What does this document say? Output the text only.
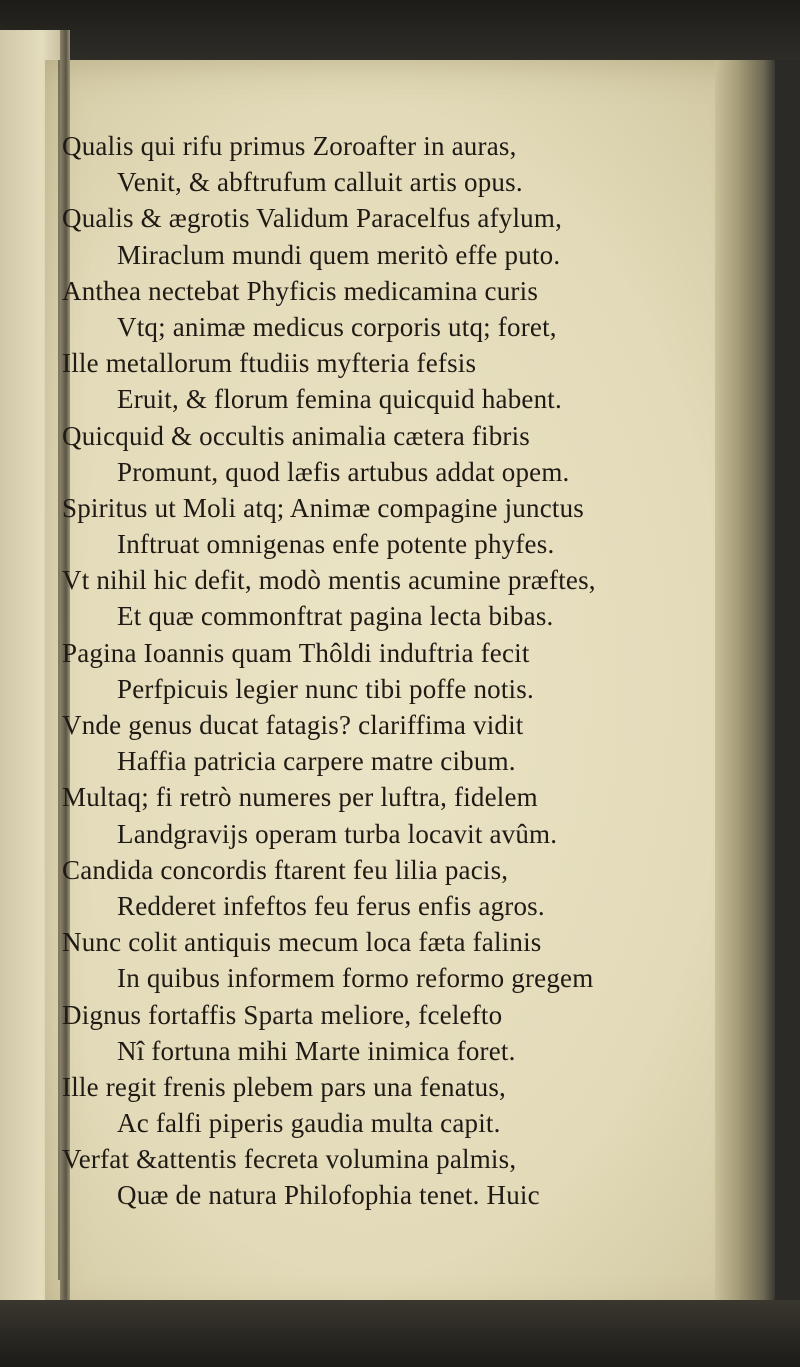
Qualis qui rifu primus Zoroafter in auras,
Venit, & abftrufum calluit artis opus.
Qualis & ægrotis Validum Paracelfus afylum,
Miraclum mundi quem meritò effe puto.
Anthea nectebat Phyficis medicamina curis
Vtq; animæ medicus corporis utq; foret,
Ille metallorum ftudiis myfteria fefsis
Eruit, & florum femina quicquid habent.
Quicquid & occultis animalia cætera fibris
Promunt, quod læfis artubus addat opem.
Spiritus ut Moli atq; Animæ compagine junctus
Inftruat omnigenas enfe potente phyfes.
Vt nihil hic defit, modò mentis acumine præftes,
Et quæ commonftrat pagina lecta bibas.
Pagina Ioannis quam Thôldi induftria fecit
Perfpicuis legier nunc tibi poffe notis.
Vnde genus ducat fatagis? clariffima vidit
Haffia patricia carpere matre cibum.
Multaq; fi retrò numeres per luftra, fidelem
Landgravijs operam turba locavit avûm.
Candida concordis ftarent feu lilia pacis,
Redderet infeftos feu ferus enfis agros.
Nunc colit antiquis mecum loca fæta falinis
In quibus informem formo reformo gregem
Dignus fortaffis Sparta meliore, fcelefto
Nî fortuna mihi Marte inimica foret.
Ille regit frenis plebem pars una fenatus,
Ac falfi piperis gaudia multa capit.
Verfat &attentis fecreta volumina palmis,
Quæ de natura Philofophia tenet. Huic
